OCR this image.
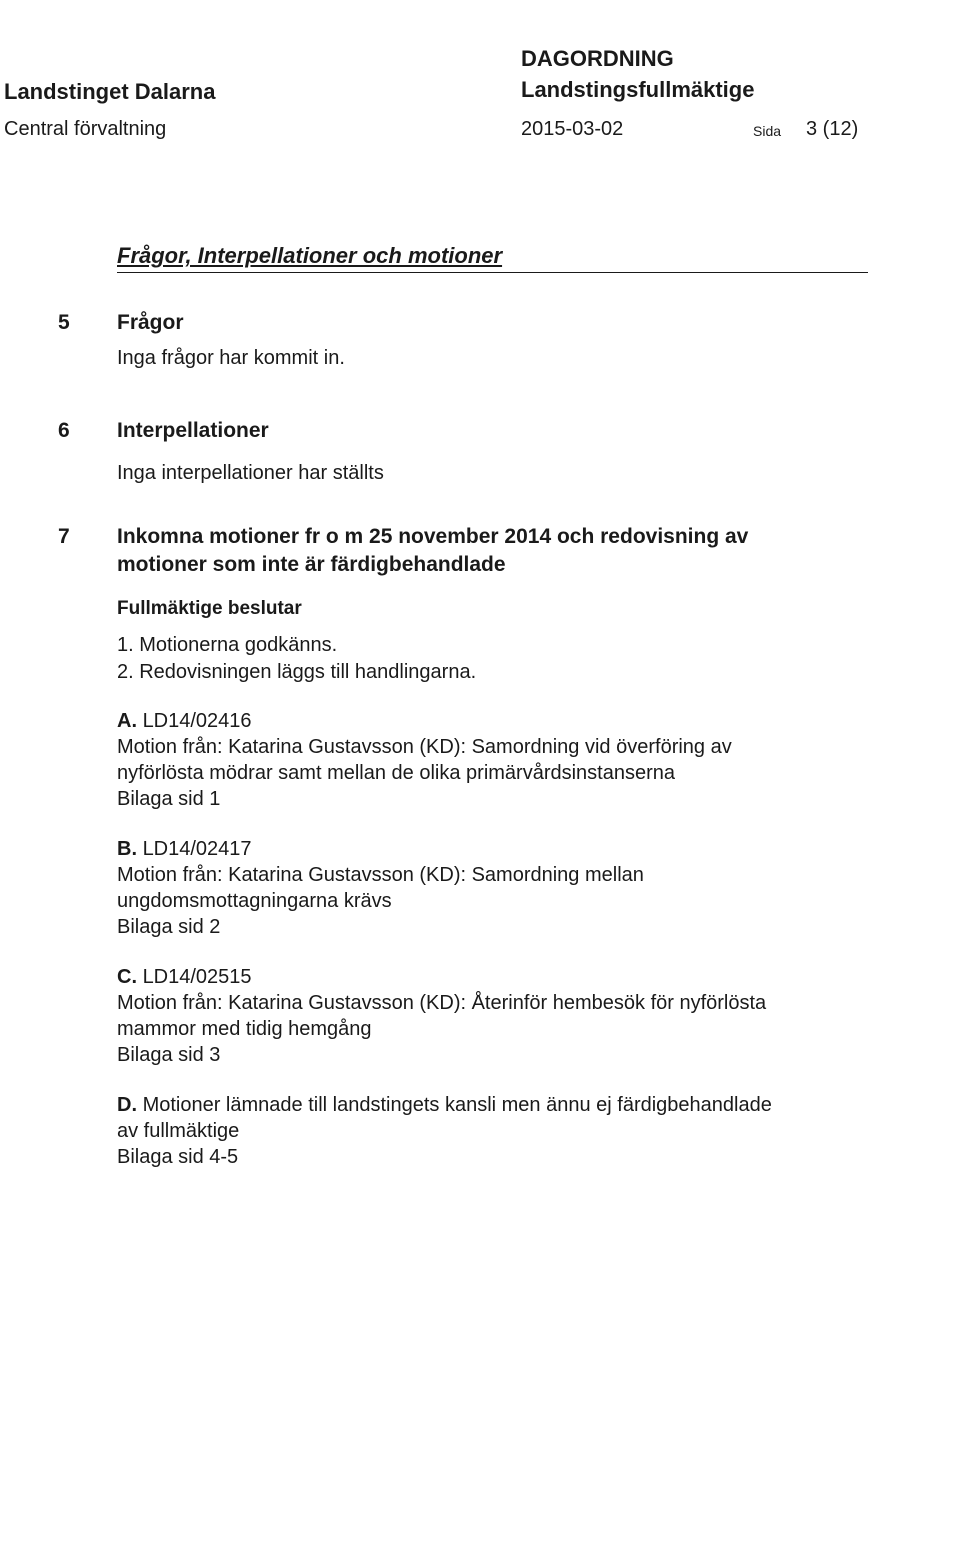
Landstinget Dalarna
Central förvaltning
DAGORDNING
Landstingsfullmäktige
2015-03-02	Sida 3 (12)
Frågor, Interpellationer och motioner
5 Frågor
Inga frågor har kommit in.
6 Interpellationer
Inga interpellationer har ställts
7 Inkomna motioner fr o m 25 november 2014 och redovisning av
motioner som inte är färdigbehandlade
Fullmäktige beslutar
1. Motionerna godkänns.
2. Redovisningen läggs till handlingarna.
A. LD14/02416
Motion från: Katarina Gustavsson (KD): Samordning vid överföring av
nyförlösta mödrar samt mellan de olika primärvårdsinstanserna
Bilaga sid 1
B. LD14/02417
Motion från: Katarina Gustavsson (KD): Samordning mellan
ungdomsmottagningarna krävs
Bilaga sid 2
C. LD14/02515
Motion från: Katarina Gustavsson (KD): Återinför hembesök för nyförlösta
mammor med tidig hemgång
Bilaga sid 3
D. Motioner lämnade till landstingets kansli men ännu ej färdigbehandlade
av fullmäktige
Bilaga sid 4-5
